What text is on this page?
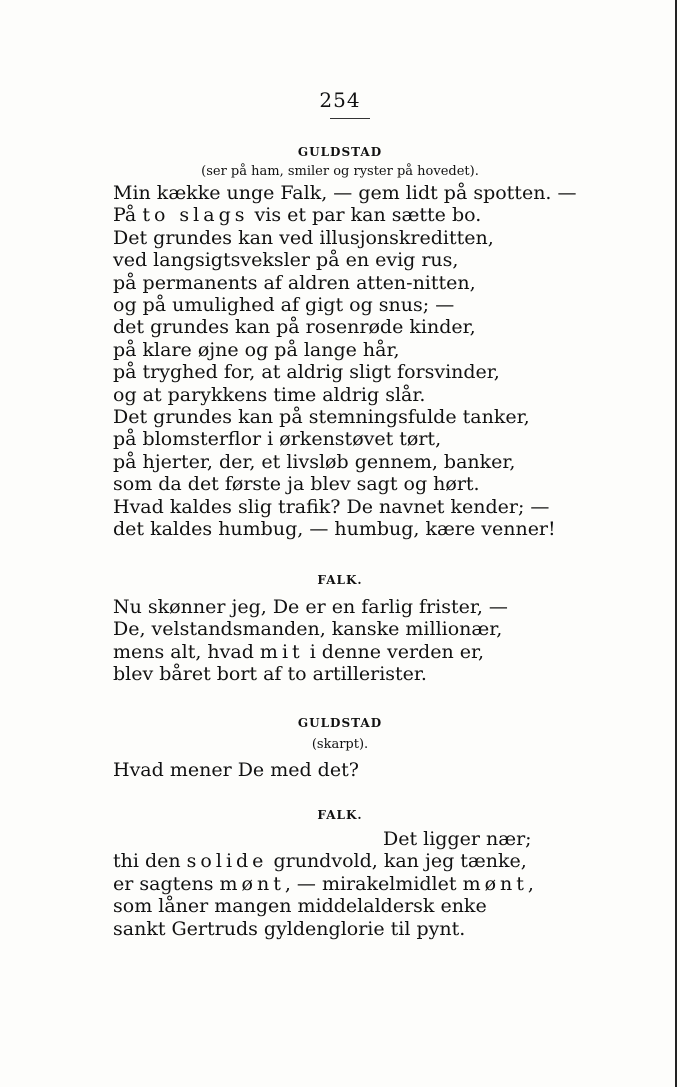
254
GULDSTAD
(ser på ham, smiler og ryster på hovedet).
Min kække unge Falk, — gem lidt på spotten. —
På to slags vis et par kan sætte bo.
Det grundes kan ved illusjonskreditten,
ved langsigtsveksler på en evig rus,
på permanents af aldren atten-nitten,
og på umulighed af gigt og snus; —
det grundes kan på rosenrøde kinder,
på klare øjne og på lange hår,
på tryghed for, at aldrig sligt forsvinder,
og at parykkens time aldrig slår.
Det grundes kan på stemningsfulde tanker,
på blomsterflor i ørkenstøvet tørt,
på hjerter, der, et livsløb gennem, banker,
som da det første ja blev sagt og hørt.
Hvad kaldes slig trafik? De navnet kender; —
det kaldes humbug, — humbug, kære venner!
FALK.
Nu skønner jeg, De er en farlig frister, —
De, velstandsmanden, kanske millionær,
mens alt, hvad mit i denne verden er,
blev båret bort af to artillerister.
GULDSTAD
(skarpt).
Hvad mener De med det?
FALK.
Det ligger nær;
thi den solide grundvold, kan jeg tænke,
er sagtens mønt, — mirakelmidlet mønt,
som låner mangen middelaldersk enke
sankt Gertruds gyldenglorie til pynt.
